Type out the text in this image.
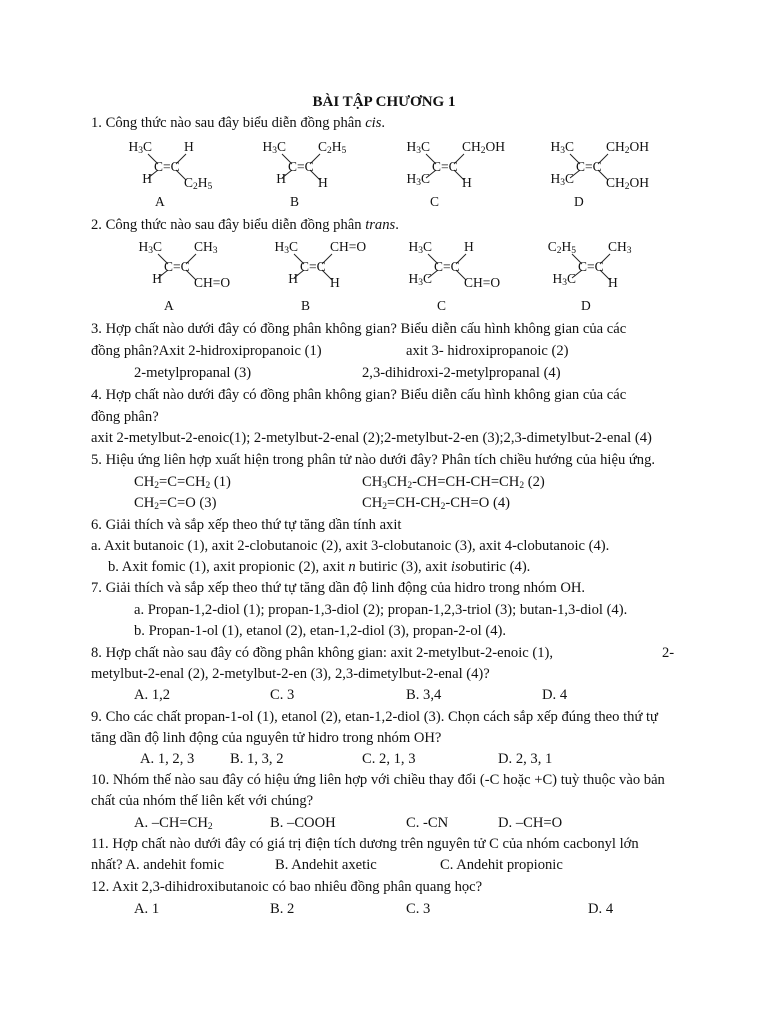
BÀI TẬP CHƯƠNG 1
1. Công thức nào sau đây biểu diễn đồng phân cis.
$H_3C$ H
H $C_2H_5$
C=C
A
$H_3C$ $C_2H_5$
H H
C=C
B
$H_3C$ $CH_2OH$
$H_3C$ H
C=C
C
$H_3C$ $CH_2OH$
$H_3C$ $CH_2OH$
C=C
D
2. Công thức nào sau đây biểu diễn đồng phân trans.
$H_3C$ $CH_3$
H CH=O
C=C
A
$H_3C$ CH=O
H H
C=C
B
$H_3C$ H
$H_3C$ CH=O
C=C
C
$C_2H_5$ $CH_3$
$H_3C$ H
C=C
D
3. Hợp chất nào dưới đây có đồng phân không gian? Biểu diễn cấu hình không gian của các
đồng phân?Axit 2-hidroxipropanoic (1)	axit 3- hidroxipropanoic (2)
2-metylpropanal (3)	2,3-dihidroxi-2-metylpropanal (4)
4. Hợp chất nào dưới đây có đồng phân không gian? Biểu diễn cấu hình không gian của các
đồng phân?
axit 2-metylbut-2-enoic(1); 2-metylbut-2-enal (2);2-metylbut-2-en (3);2,3-dimetylbut-2-enal (4)
5. Hiệu ứng liên hợp xuất hiện trong phân tử nào dưới đây? Phân tích chiều hướng của hiệu ứng.
$CH_2=C=CH_2$ (1)	$CH_3CH_2-CH=CH-CH=CH_2$ (2)
$CH_2=C=O$ (3)	$CH_2=CH-CH_2-CH=O$ (4)
6. Giải thích và sắp xếp theo thứ tự tăng dần tính axit
a. Axit butanoic (1), axit 2-clobutanoic (2), axit 3-clobutanoic (3), axit 4-clobutanoic (4).
b. Axit fomic (1), axit propionic (2), axit n butiric (3), axit isobutiric (4).
7. Giải thích và sắp xếp theo thứ tự tăng dần độ linh động của hidro trong nhóm OH.
a. Propan-1,2-diol (1); propan-1,3-diol (2); propan-1,2,3-triol (3); butan-1,3-diol (4).
b. Propan-1-ol (1), etanol (2), etan-1,2-diol (3), propan-2-ol (4).
8. Hợp chất nào sau đây có đồng phân không gian: axit 2-metylbut-2-enoic (1),	2-
metylbut-2-enal (2), 2-metylbut-2-en (3), 2,3-dimetylbut-2-enal (4)?
A. 1,2	C. 3	B. 3,4	D. 4
9. Cho các chất propan-1-ol (1), etanol (2), etan-1,2-diol (3). Chọn cách sắp xếp đúng theo thứ tự
tăng dần độ linh động của nguyên tử hidro trong nhóm OH?
A. 1, 2, 3 B. 1, 3, 2	C. 2, 1, 3	D. 2, 3, 1
10. Nhóm thế nào sau đây có hiệu ứng liên hợp với chiều thay đổi (-C hoặc +C) tuỳ thuộc vào bản
chất của nhóm thế liên kết với chúng?
A. $-CH=CH_2$	B. –COOH	C. -CN	D. –CH=O
11. Hợp chất nào dưới đây có giá trị điện tích dương trên nguyên tử C của nhóm cacbonyl lớn
nhất? A. andehit fomic	B. Andehit axetic	C. Andehit propionic
12. Axit 2,3-dihidroxibutanoic có bao nhiêu đồng phân quang học?
A. 1	B. 2	C. 3	D. 4
